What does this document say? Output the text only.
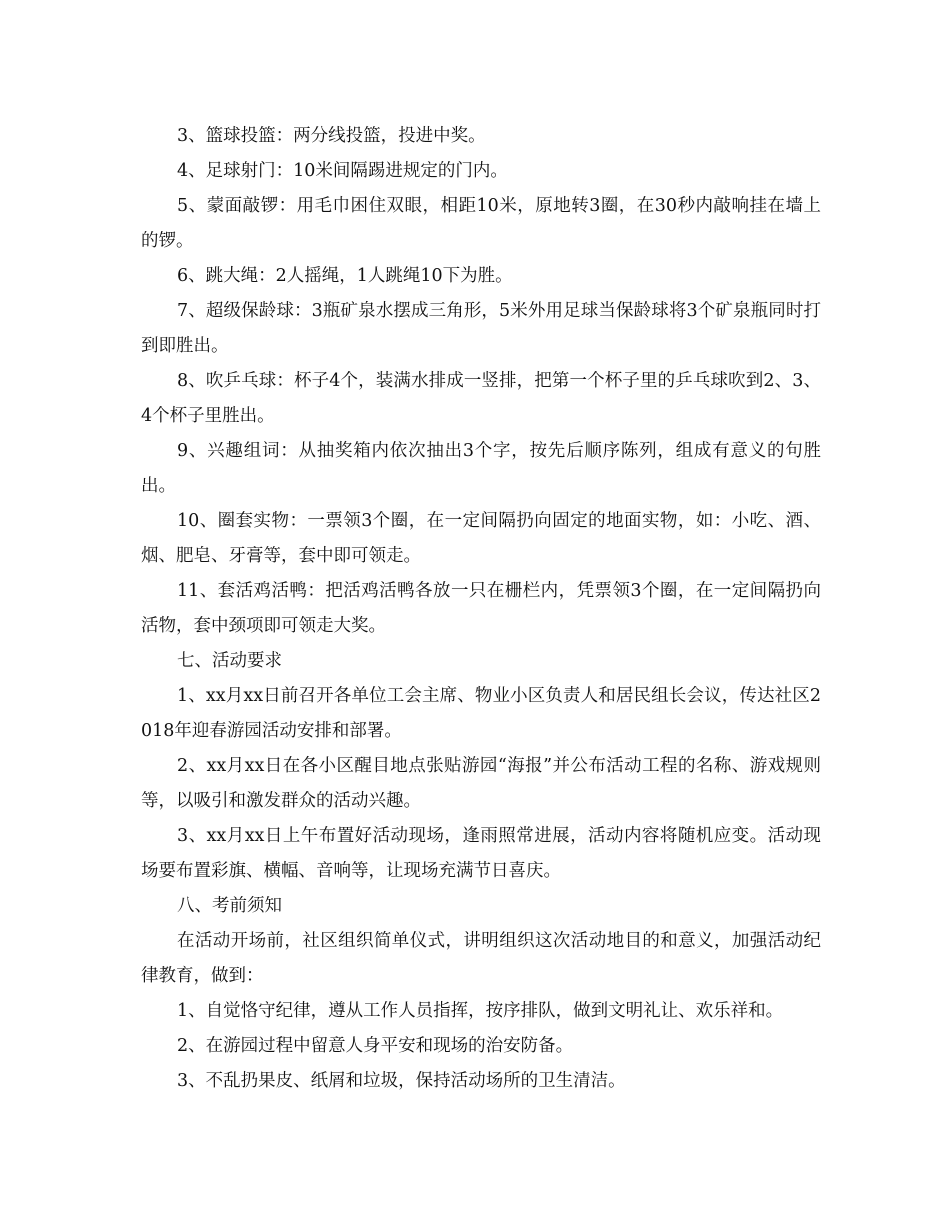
3、篮球投篮：两分线投篮，投进中奖。

4、足球射门：10米间隔踢进规定的门内。

5、蒙面敲锣：用毛巾困住双眼，相距10米，原地转3圈，在30秒内敲响挂在墙上的锣。

6、跳大绳：2人摇绳，1人跳绳10下为胜。

7、超级保龄球：3瓶矿泉水摆成三角形，5米外用足球当保龄球将3个矿泉瓶同时打到即胜出。

8、吹乒乓球：杯子4个，装满水排成一竖排，把第一个杯子里的乒乓球吹到2、3、4个杯子里胜出。

9、兴趣组词：从抽奖箱内依次抽出3个字，按先后顺序陈列，组成有意义的句胜出。

10、圈套实物：一票领3个圈，在一定间隔扔向固定的地面实物，如：小吃、酒、烟、肥皂、牙膏等，套中即可领走。

11、套活鸡活鸭：把活鸡活鸭各放一只在栅栏内，凭票领3个圈，在一定间隔扔向活物，套中颈项即可领走大奖。

七、活动要求

1、xx月xx日前召开各单位工会主席、物业小区负责人和居民组长会议，传达社区2018年迎春游园活动安排和部署。

2、xx月xx日在各小区醒目地点张贴游园“海报”并公布活动工程的名称、游戏规则等，以吸引和激发群众的活动兴趣。

3、xx月xx日上午布置好活动现场，逢雨照常进展，活动内容将随机应变。活动现场要布置彩旗、横幅、音响等，让现场充满节日喜庆。

八、考前须知

在活动开场前，社区组织简单仪式，讲明组织这次活动地目的和意义，加强活动纪律教育，做到：

1、自觉恪守纪律，遵从工作人员指挥，按序排队，做到文明礼让、欢乐祥和。

2、在游园过程中留意人身平安和现场的治安防备。

3、不乱扔果皮、纸屑和垃圾，保持活动场所的卫生清洁。
